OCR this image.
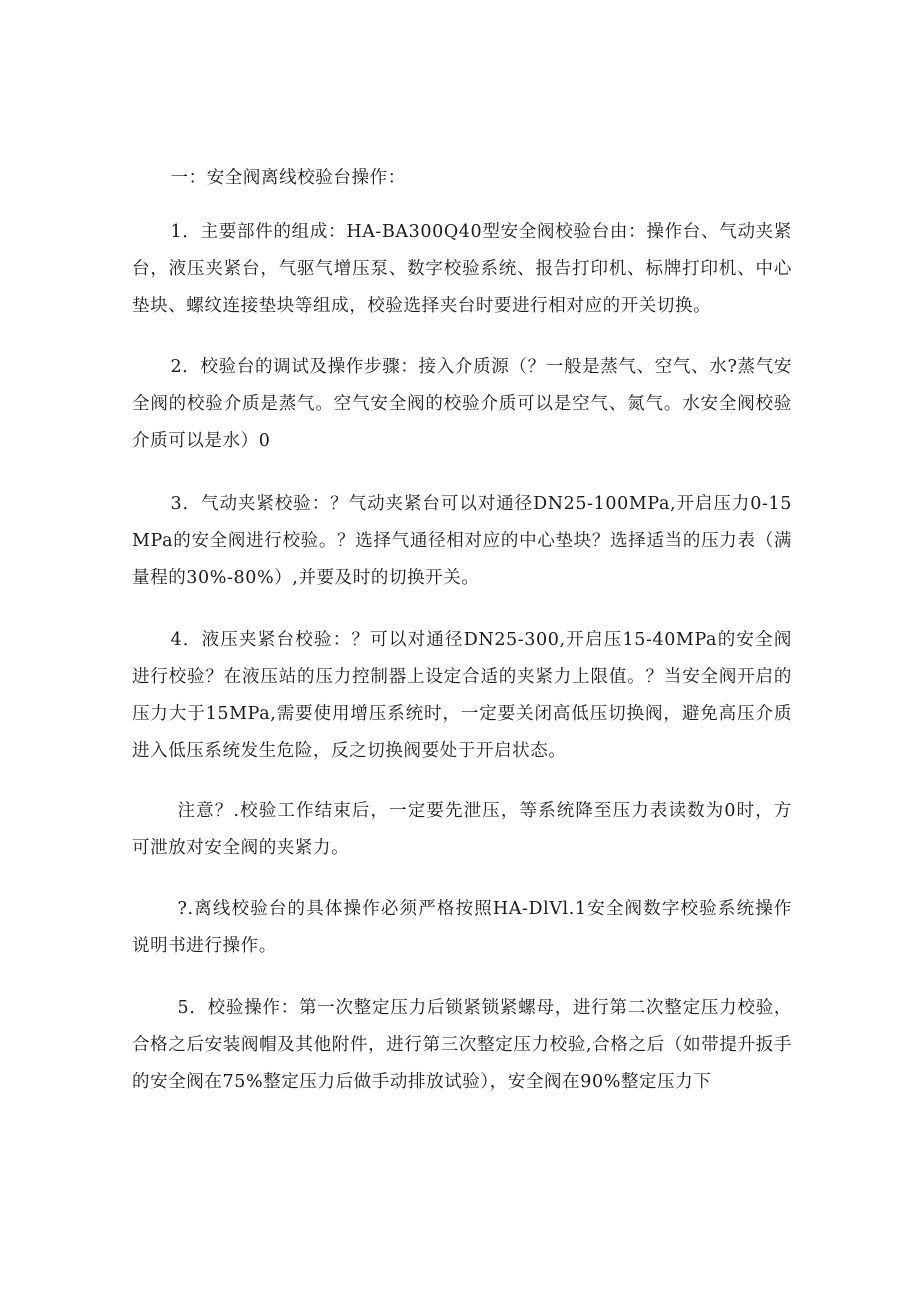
一：安全阀离线校验台操作：

1．主要部件的组成：HA-BA300Q40型安全阀校验台由：操作台、气动夹紧台，液压夹紧台，气驱气增压泵、数字校验系统、报告打印机、标牌打印机、中心垫块、螺纹连接垫块等组成，校验选择夹台时要进行相对应的开关切换。

2．校验台的调试及操作步骤：接入介质源（？一般是蒸气、空气、水?蒸气安全阀的校验介质是蒸气。空气安全阀的校验介质可以是空气、氮气。水安全阀校验介质可以是水）0

3．气动夹紧校验：？气动夹紧台可以对通径DN25-100MPa,开启压力0-15MPa的安全阀进行校验。？选择气通径相对应的中心垫块？选择适当的压力表（满量程的30%-80%）,并要及时的切换开关。

4．液压夹紧台校验：？可以对通径DN25-300,开启压15-40MPa的安全阀进行校验？在液压站的压力控制器上设定合适的夹紧力上限值。？当安全阀开启的压力大于15MPa,需要使用增压系统时，一定要关闭高低压切换阀，避免高压介质进入低压系统发生危险，反之切换阀要处于开启状态。

注意？.校验工作结束后，一定要先泄压，等系统降至压力表读数为0时，方可泄放对安全阀的夹紧力。

?.离线校验台的具体操作必须严格按照HA-DlVl.1安全阀数字校验系统操作说明书进行操作。

5．校验操作：第一次整定压力后锁紧锁紧螺母，进行第二次整定压力校验，合格之后安装阀帽及其他附件，进行第三次整定压力校验,合格之后（如带提升扳手的安全阀在75%整定压力后做手动排放试验），安全阀在90%整定压力下
